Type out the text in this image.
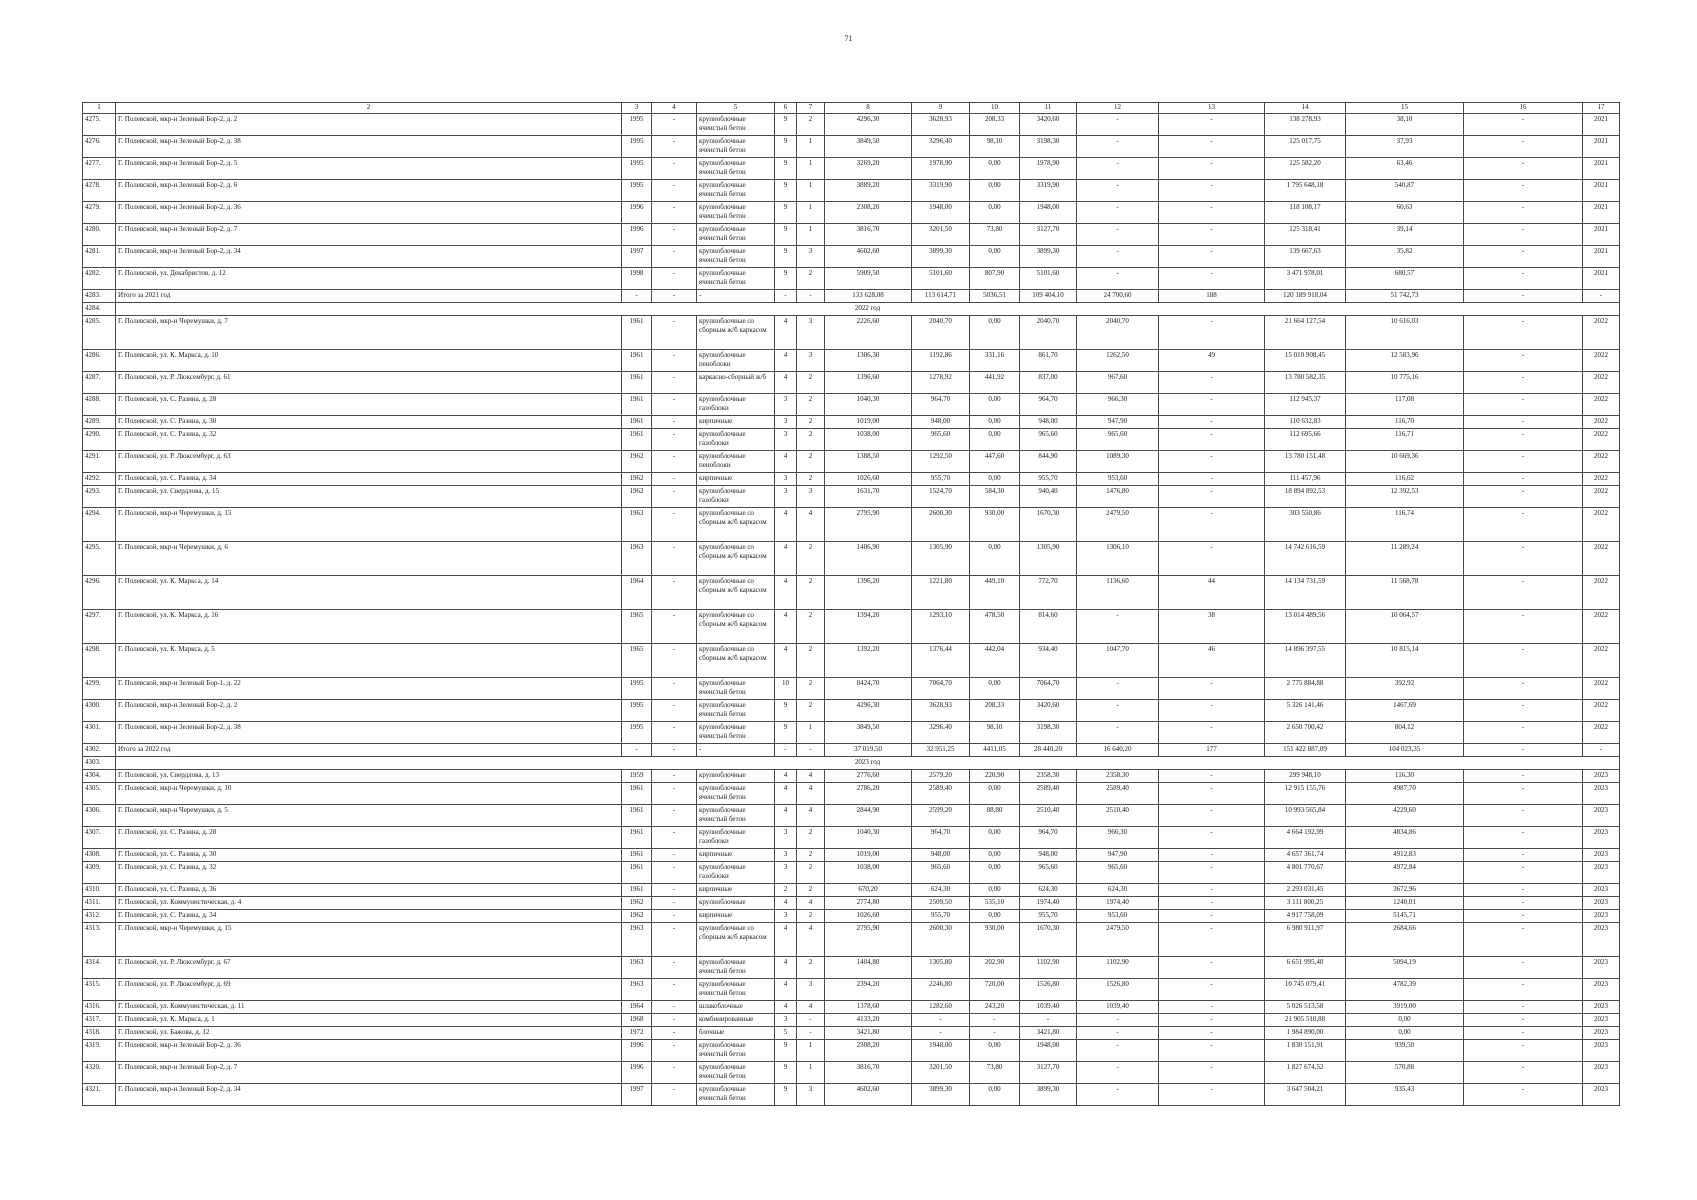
71
1	2	3	4	5	6	7	8	9	10	11	12	13	14	15	16	17
4275.	Г. Полевской, мкр-н Зеленый Бор-2, д. 2	1995	-	крупноблочные ячеистый бетон	9	2	4296,30	3628,93	208,33	3420,60	-	-	138 278,93	38,10	-	2021
4276.	Г. Полевской, мкр-н Зеленый Бор-2, д. 38	1995	-	крупноблочные ячеистый бетон	9	1	3849,50	3296,40	98,10	3198,30	-	-	125 017,75	37,93	-	2021
4277.	Г. Полевской, мкр-н Зеленый Бор-2, д. 5	1995	-	крупноблочные ячеистый бетон	9	1	3269,20	1978,90	0,00	1978,90	-	-	125 582,20	63,46	-	2021
4278.	Г. Полевской, мкр-н Зеленый Бор-2, д. 6	1995	-	крупноблочные ячеистый бетон	9	1	3889,20	3319,90	0,00	3319,90	-	-	1 795 648,18	540,87	-	2021
4279.	Г. Полевской, мкр-н Зеленый Бор-2, д. 36	1996	-	крупноблочные ячеистый бетон	9	1	2308,20	1948,00	0,00	1948,00	-	-	118 108,17	60,63	-	2021
4280.	Г. Полевской, мкр-н Зеленый Бор-2, д. 7	1996	-	крупноблочные ячеистый бетон	9	1	3816,70	3201,50	73,80	3127,70	-	-	125 318,41	39,14	-	2021
4281.	Г. Полевской, мкр-н Зеленый Бор-2, д. 34	1997	-	крупноблочные ячеистый бетон	9	3	4602,60	3899,30	0,00	3899,30	-	-	139 667,63	35,82	-	2021
4282.	Г. Полевской, ул. Декабристов, д. 12	1998	-	крупноблочные ячеистый бетон	9	2	5909,50	5101,60	807,90	5101,60	-	-	3 471 978,01	680,57	-	2021
4283.	Итого за 2021 год	-	-	-	-	-	133 628,08	113 614,71	5036,51	109 404,10	24 700,60	188	120 189 918,04	51 742,73	-	-
4284.	2022 год															
4285.	Г. Полевской, мкр-н Черемушки, д. 7	1961	-	крупноблочные со сборным ж/б каркасом	4	3	2226,60	2040,70	0,00	2040,70	2040,70	-	21 664 127,54	10 616,03	-	2022
4286.	Г. Полевской, ул. К. Маркса, д. 10	1961	-	крупноблочные пеноблоки	4	3	1306,30	1192,86	331,16	861,70	1262,50	49	15 010 908,45	12 583,96	-	2022
4287.	Г. Полевской, ул. Р. Люксембург, д. 61	1961	-	каркасно-сборный ж/б	4	2	1396,60	1278,92	441,92	837,00	967,60	-	13 780 582,35	10 775,16	-	2022
4288.	Г. Полевской, ул. С. Разина, д. 28	1961	-	крупноблочные газоблоки	3	2	1040,30	964,70	0,00	964,70	966,30	-	112 945,37	117,08	-	2022
4289.	Г. Полевской, ул. С. Разина, д. 30	1961	-	кирпичные	3	2	1019,00	948,00	0,00	948,00	947,90	-	110 632,83	116,70	-	2022
4290.	Г. Полевской, ул. С. Разина, д. 32	1961	-	крупноблочные газоблоки	3	2	1038,00	965,60	0,00	965,60	965,60	-	112 695,66	116,71	-	2022
4291.	Г. Полевской, ул. Р. Люксембург, д. 63	1962	-	крупноблочные пеноблоки	4	2	1388,50	1292,50	447,60	844,90	1089,30	-	13 780 151,48	10 669,36	-	2022
4292.	Г. Полевской, ул. С. Разина, д. 34	1962	-	кирпичные	3	2	1026,60	955,70	0,00	955,70	953,60	-	111 457,96	116,62	-	2022
4293.	Г. Полевской, ул. Свердлова, д. 15	1962	-	крупноблочные газоблоки	3	3	1631,70	1524,70	584,30	940,40	1476,80	-	18 894 892,53	12 392,53	-	2022
4294.	Г. Полевской, мкр-н Черемушки, д. 15	1963	-	крупноблочные со сборным ж/б каркасом	4	4	2795,90	2600,30	930,00	1670,30	2479,50	-	303 550,86	116,74	-	2022
4295.	Г. Полевской, мкр-н Черемушки, д. 6	1963	-	крупноблочные со сборным ж/б каркасом	4	2	1406,90	1305,90	0,00	1305,90	1306,10	-	14 742 616,59	11 289,24	-	2022
4296.	Г. Полевской, ул. К. Маркса, д. 14	1964	-	крупноблочные со сборным ж/б каркасом	4	2	1396,20	1221,80	449,10	772,70	1136,60	44	14 134 731,59	11 568,78	-	2022
4297.	Г. Полевской, ул. К. Маркса, д. 16	1965	-	крупноблочные со сборным ж/б каркасом	4	2	1394,20	1293,10	478,50	814,60	-	38	13 014 489,56	10 064,57	-	2022
4298.	Г. Полевской, ул. К. Маркса, д. 5	1965	-	крупноблочные со сборным ж/б каркасом	4	2	1392,20	1376,44	442,04	934,40	1047,70	46	14 896 397,55	10 815,14	-	2022
4299.	Г. Полевской, мкр-н Зеленый Бор-1, д. 22	1995	-	крупноблочные ячеистый бетон	10	2	8424,70	7064,70	0,00	7064,70	-	-	2 775 884,88	392,92	-	2022
4300.	Г. Полевской, мкр-н Зеленый Бор-2, д. 2	1995	-	крупноблочные ячеистый бетон	9	2	4296,30	3628,93	208,33	3420,60	-	-	5 326 141,46	1467,69	-	2022
4301.	Г. Полевской, мкр-н Зеленый Бор-2, д. 38	1995	-	крупноблочные ячеистый бетон	9	1	3849,50	3296,40	98,10	3198,30	-	-	2 650 700,42	804,12	-	2022
4302.	Итого за 2022 год	-	-	-	-	-	37 019,50	32 951,25	4411,05	28 440,20	16 640,20	177	151 422 887,09	104 023,35	-	-
4303.	2023 год															
4304.	Г. Полевской, ул. Свердлова, д. 13	1959	-	крупноблочные	4	4	2776,60	2579,20	220,90	2358,30	2358,30	-	299 948,10	116,30	-	2023
4305.	Г. Полевской, мкр-н Черемушки, д. 10	1961	-	крупноблочные ячеистый бетон	4	4	2786,20	2589,40	0,00	2589,40	2589,40	-	12 915 155,76	4987,70	-	2023
4306.	Г. Полевской, мкр-н Черемушки, д. 5	1961	-	крупноблочные ячеистый бетон	4	4	2844,90	2599,20	88,80	2510,40	2510,40	-	10 993 565,84	4229,60	-	2023
4307.	Г. Полевской, ул. С. Разина, д. 28	1961	-	крупноблочные газоблоки	3	2	1040,30	964,70	0,00	964,70	966,30	-	4 664 192,99	4834,86	-	2023
4308.	Г. Полевской, ул. С. Разина, д. 30	1961	-	кирпичные	3	2	1019,00	948,00	0,00	948,00	947,90	-	4 657 361,74	4912,83	-	2023
4309.	Г. Полевской, ул. С. Разина, д. 32	1961	-	крупноблочные газоблоки	3	2	1038,00	965,60	0,00	965,60	965,60	-	4 801 770,67	4972,84	-	2023
4310.	Г. Полевской, ул. С. Разина, д. 36	1961	-	кирпичные	2	2	670,20	624,30	0,00	624,30	624,30	-	2 293 031,45	3672,96	-	2023
4311.	Г. Полевской, ул. Коммунистическая, д. 4	1962	-	крупноблочные	4	4	2774,80	2509,50	535,10	1974,40	1974,40	-	3 111 800,25	1240,01	-	2023
4312.	Г. Полевской, ул. С. Разина, д. 34	1962	-	кирпичные	3	2	1026,60	955,70	0,00	955,70	953,60	-	4 917 758,09	5145,71	-	2023
4313.	Г. Полевской, мкр-н Черемушки, д. 15	1963	-	крупноблочные со сборным ж/б каркасом	4	4	2795,90	2600,30	930,00	1670,30	2479,50	-	6 980 911,97	2684,66	-	2023
4314.	Г. Полевской, ул. Р. Люксембург, д. 67	1963	-	крупноблочные ячеистый бетон	4	2	1404,80	1305,80	202,90	1102,90	1102,90	-	6 651 995,40	5094,19	-	2023
4315.	Г. Полевской, ул. Р. Люксембург, д. 69	1963	-	крупноблочные ячеистый бетон	4	3	2394,20	2246,80	720,00	1526,80	1526,80	-	10 745 079,41	4782,39	-	2023
4316.	Г. Полевской, ул. Коммунистическая, д. 11	1964	-	шлакоблочные	4	4	1378,60	1282,60	243,20	1039,40	1039,40	-	5 026 513,58	3919,00	-	2023
4317.	Г. Полевской, ул. К. Маркса, д. 1	1968	-	комбинированные	3	-	4133,20	-	-	-	-	-	21 905 510,88	0,00	-	2023
4318.	Г. Полевской, ул. Бажова, д. 12	1972	-	блочные	5	-	3421,80	-	-	3421,80	-	-	1 984 890,00	0,00	-	2023
4319.	Г. Полевской, мкр-н Зеленый Бор-2, д. 36	1996	-	крупноблочные ячеистый бетон	9	1	2308,20	1948,00	0,00	1948,00	-	-	1 830 151,91	939,50	-	2023
4320.	Г. Полевской, мкр-н Зеленый Бор-2, д. 7	1996	-	крупноблочные ячеистый бетон	9	1	3816,70	3201,50	73,80	3127,70	-	-	1 827 674,52	570,88	-	2023
4321.	Г. Полевской, мкр-н Зеленый Бор-2, д. 34	1997	-	крупноблочные ячеистый бетон	9	3	4602,60	3899,30	0,00	3899,30	-	-	3 647 504,21	935,43	-	2023
